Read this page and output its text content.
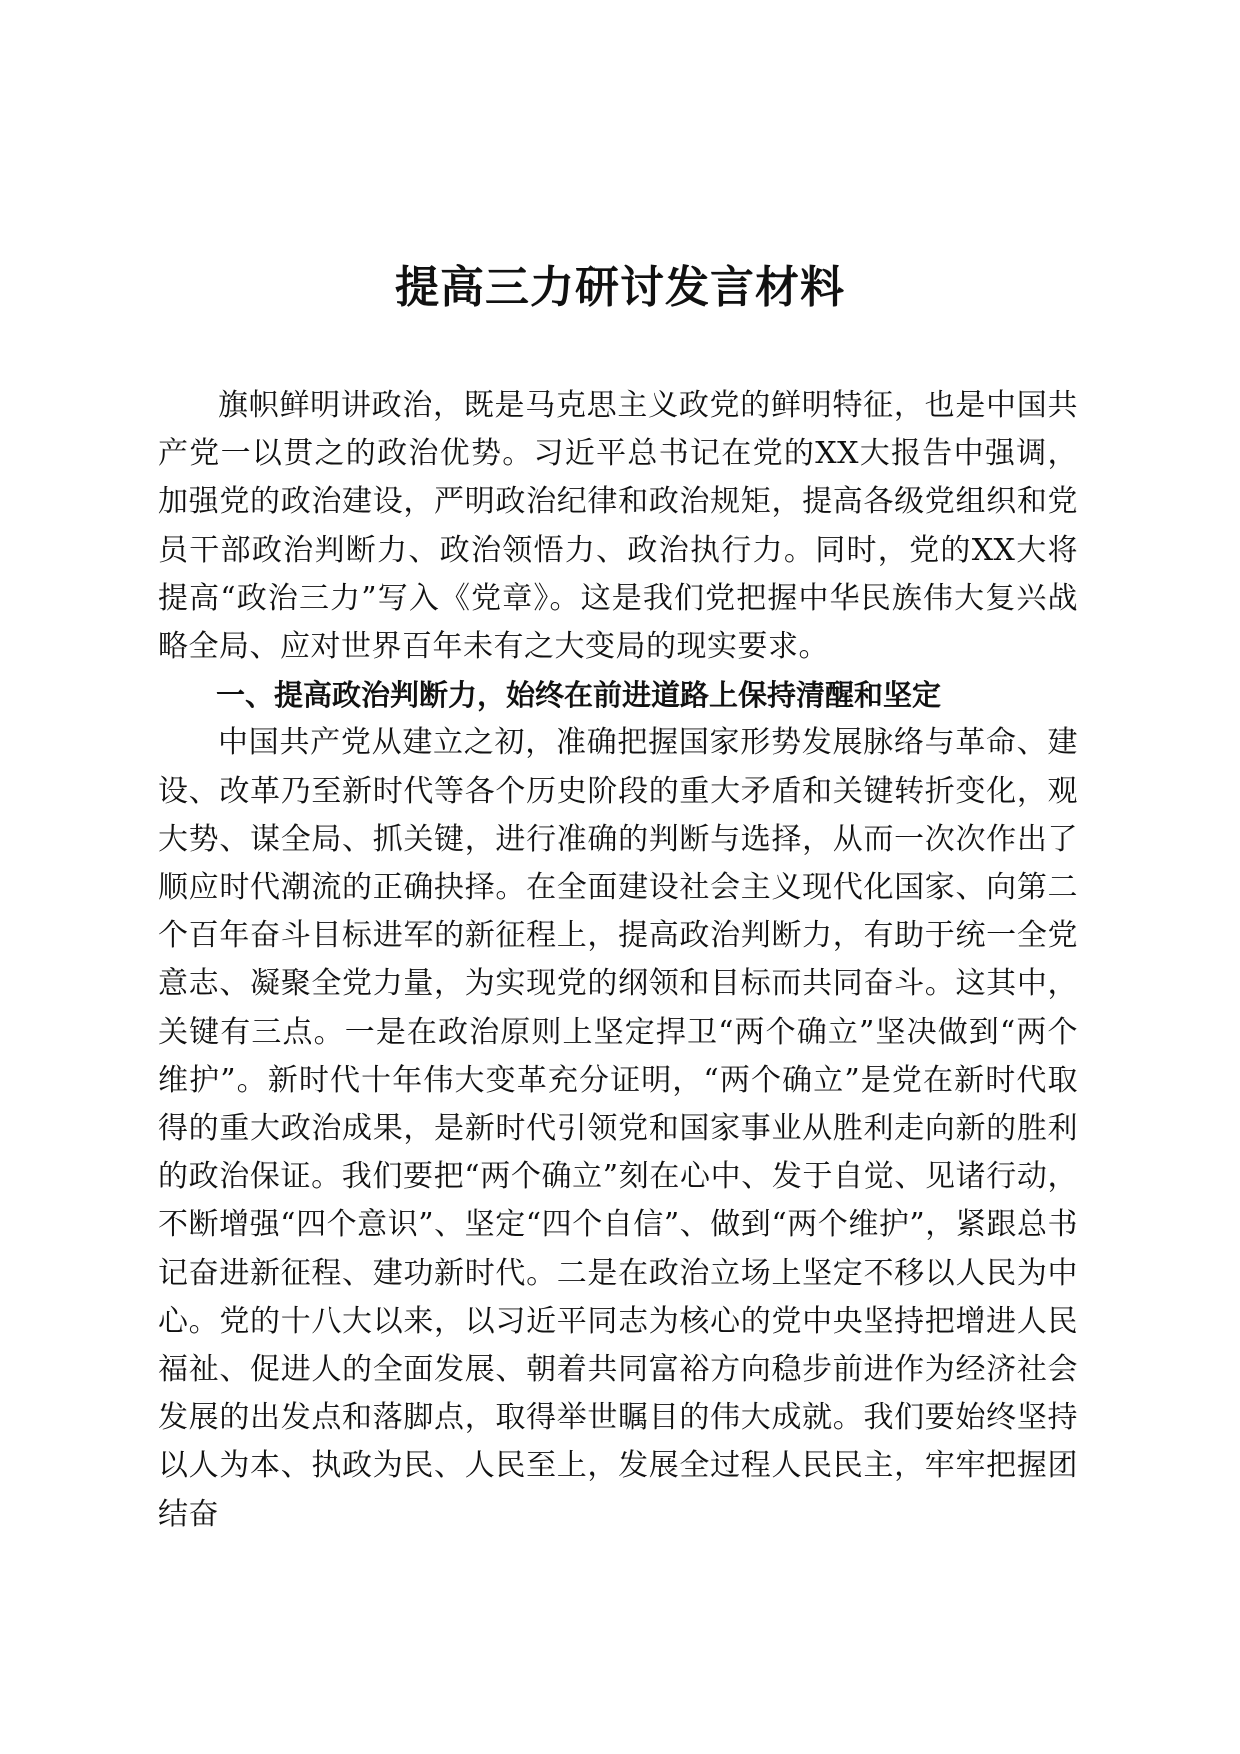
提高三力研讨发言材料

旗帜鲜明讲政治，既是马克思主义政党的鲜明特征，也是中国共产党一以贯之的政治优势。习近平总书记在党的XX大报告中强调，加强党的政治建设，严明政治纪律和政治规矩，提高各级党组织和党员干部政治判断力、政治领悟力、政治执行力。同时，党的XX大将提高“政治三力”写入《党章》。这是我们党把握中华民族伟大复兴战略全局、应对世界百年未有之大变局的现实要求。

一、提高政治判断力，始终在前进道路上保持清醒和坚定

中国共产党从建立之初，准确把握国家形势发展脉络与革命、建设、改革乃至新时代等各个历史阶段的重大矛盾和关键转折变化，观大势、谋全局、抓关键，进行准确的判断与选择，从而一次次作出了顺应时代潮流的正确抉择。在全面建设社会主义现代化国家、向第二个百年奋斗目标进军的新征程上，提高政治判断力，有助于统一全党意志、凝聚全党力量，为实现党的纲领和目标而共同奋斗。这其中，关键有三点。一是在政治原则上坚定捍卫“两个确立”坚决做到“两个维护”。新时代十年伟大变革充分证明，“两个确立”是党在新时代取得的重大政治成果，是新时代引领党和国家事业从胜利走向新的胜利的政治保证。我们要把“两个确立”刻在心中、发于自觉、见诸行动，不断增强“四个意识”、坚定“四个自信”、做到“两个维护”，紧跟总书记奋进新征程、建功新时代。二是在政治立场上坚定不移以人民为中心。党的十八大以来，以习近平同志为核心的党中央坚持把增进人民福祉、促进人的全面发展、朝着共同富裕方向稳步前进作为经济社会发展的出发点和落脚点，取得举世瞩目的伟大成就。我们要始终坚持以人为本、执政为民、人民至上，发展全过程人民民主，牢牢把握团结奋
